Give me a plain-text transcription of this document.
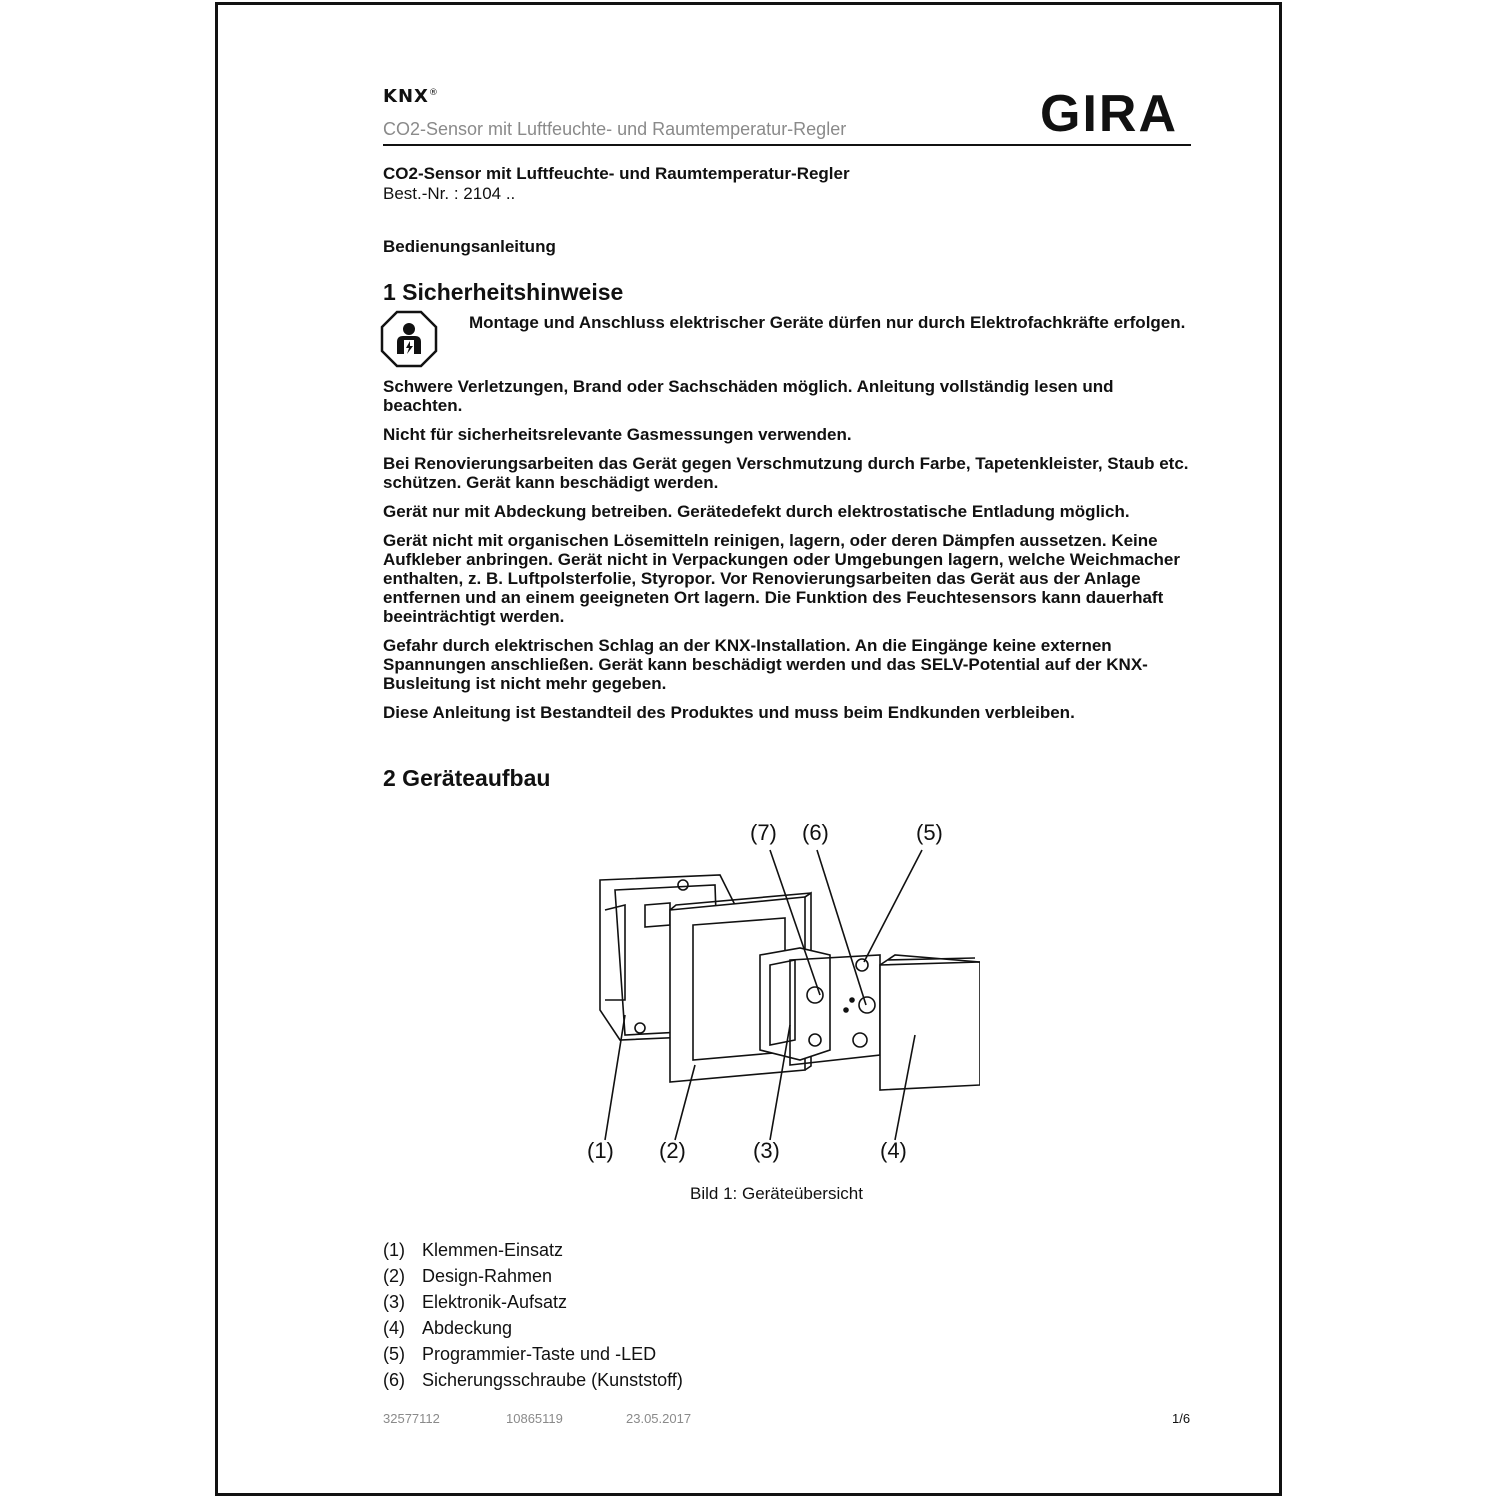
KNX®
CO2-Sensor mit Luftfeuchte- und Raumtemperatur-Regler	GIRA
CO2-Sensor mit Luftfeuchte- und Raumtemperatur-Regler
Best.-Nr. : 2104 ..
Bedienungsanleitung
1 Sicherheitshinweise
Montage und Anschluss elektrischer Geräte dürfen nur durch Elektrofachkräfte erfolgen.

Schwere Verletzungen, Brand oder Sachschäden möglich. Anleitung vollständig lesen und beachten.

Nicht für sicherheitsrelevante Gasmessungen verwenden.

Bei Renovierungsarbeiten das Gerät gegen Verschmutzung durch Farbe, Tapetenkleister, Staub etc. schützen. Gerät kann beschädigt werden.

Gerät nur mit Abdeckung betreiben. Gerätedefekt durch elektrostatische Entladung möglich.

Gerät nicht mit organischen Lösemitteln reinigen, lagern, oder deren Dämpfen aussetzen. Keine Aufkleber anbringen. Gerät nicht in Verpackungen oder Umgebungen lagern, welche Weichmacher enthalten, z. B. Luftpolsterfolie, Styropor. Vor Renovierungsarbeiten das Gerät aus der Anlage entfernen und an einem geeigneten Ort lagern. Die Funktion des Feuchtesensors kann dauerhaft beeinträchtigt werden.

Gefahr durch elektrischen Schlag an der KNX-Installation. An die Eingänge keine externen Spannungen anschließen. Gerät kann beschädigt werden und das SELV-Potential auf der KNX-Busleitung ist nicht mehr gegeben.

Diese Anleitung ist Bestandteil des Produktes und muss beim Endkunden verbleiben.

2 Geräteaufbau
(7) (6)	(5)
(1) (2)	(3)	(4)
Bild 1: Geräteübersicht
(1) Klemmen-Einsatz
(2) Design-Rahmen
(3) Elektronik-Aufsatz
(4) Abdeckung
(5) Programmier-Taste und -LED
(6) Sicherungsschraube (Kunststoff)
32577112	10865119	23.05.2017	1/6
